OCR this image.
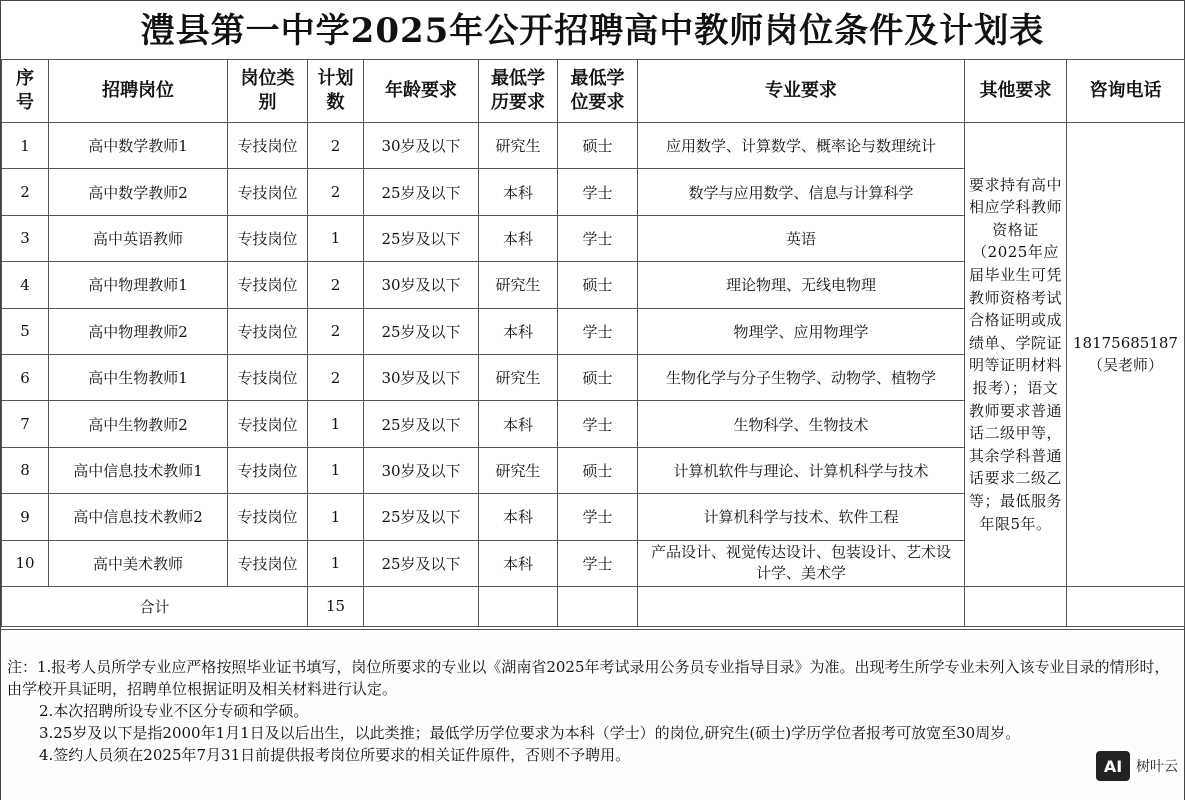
澧县第一中学2025年公开招聘高中教师岗位条件及计划表
序号	招聘岗位	岗位类别	计划数	年龄要求	最低学历要求	最低学位要求	专业要求	其他要求	咨询电话
1	高中数学教师1	专技岗位	2	30岁及以下	研究生	硕士	应用数学、计算数学、概率论与数理统计	要求持有高中相应学科教师资格证（2025年应届毕业生可凭教师资格考试合格证明或成绩单、学院证明等证明材料报考）；语文教师要求普通话二级甲等，其余学科普通话要求二级乙等；最低服务年限5年。	18175685187
（吴老师）

2	高中数学教师2	专技岗位	2	25岁及以下	本科	学士	数学与应用数学、信息与计算科学		
3	高中英语教师	专技岗位	1	25岁及以下	本科	学士	英语		
4	高中物理教师1	专技岗位	2	30岁及以下	研究生	硕士	理论物理、无线电物理		
5	高中物理教师2	专技岗位	2	25岁及以下	本科	学士	物理学、应用物理学		
6	高中生物教师1	专技岗位	2	30岁及以下	研究生	硕士	生物化学与分子生物学、动物学、植物学		
7	高中生物教师2	专技岗位	1	25岁及以下	本科	学士	生物科学、生物技术		
8	高中信息技术教师1	专技岗位	1	30岁及以下	研究生	硕士	计算机软件与理论、计算机科学与技术		
9	高中信息技术教师2	专技岗位	1	25岁及以下	本科	学士	计算机科学与技术、软件工程		
10	高中美术教师	专技岗位	1	25岁及以下	本科	学士	产品设计、视觉传达设计、包装设计、艺术设计学、美术学		
合计			15						

注：1.报考人员所学专业应严格按照毕业证书填写，岗位所要求的专业以《湖南省2025年考试录用公务员专业指导目录》为准。出现考生所学专业未列入该专业目录的情形时，由学校开具证明，招聘单位根据证明及相关材料进行认定。

2.本次招聘所设专业不区分专硕和学硕。

3.25岁及以下是指2000年1月1日及以后出生，以此类推；最低学历学位要求为本科（学士）的岗位,研究生(硕士)学历学位者报考可放宽至30周岁。

4.签约人员须在2025年7月31日前提供报考岗位所要求的相关证件原件，否则不予聘用。

AI 树叶云
